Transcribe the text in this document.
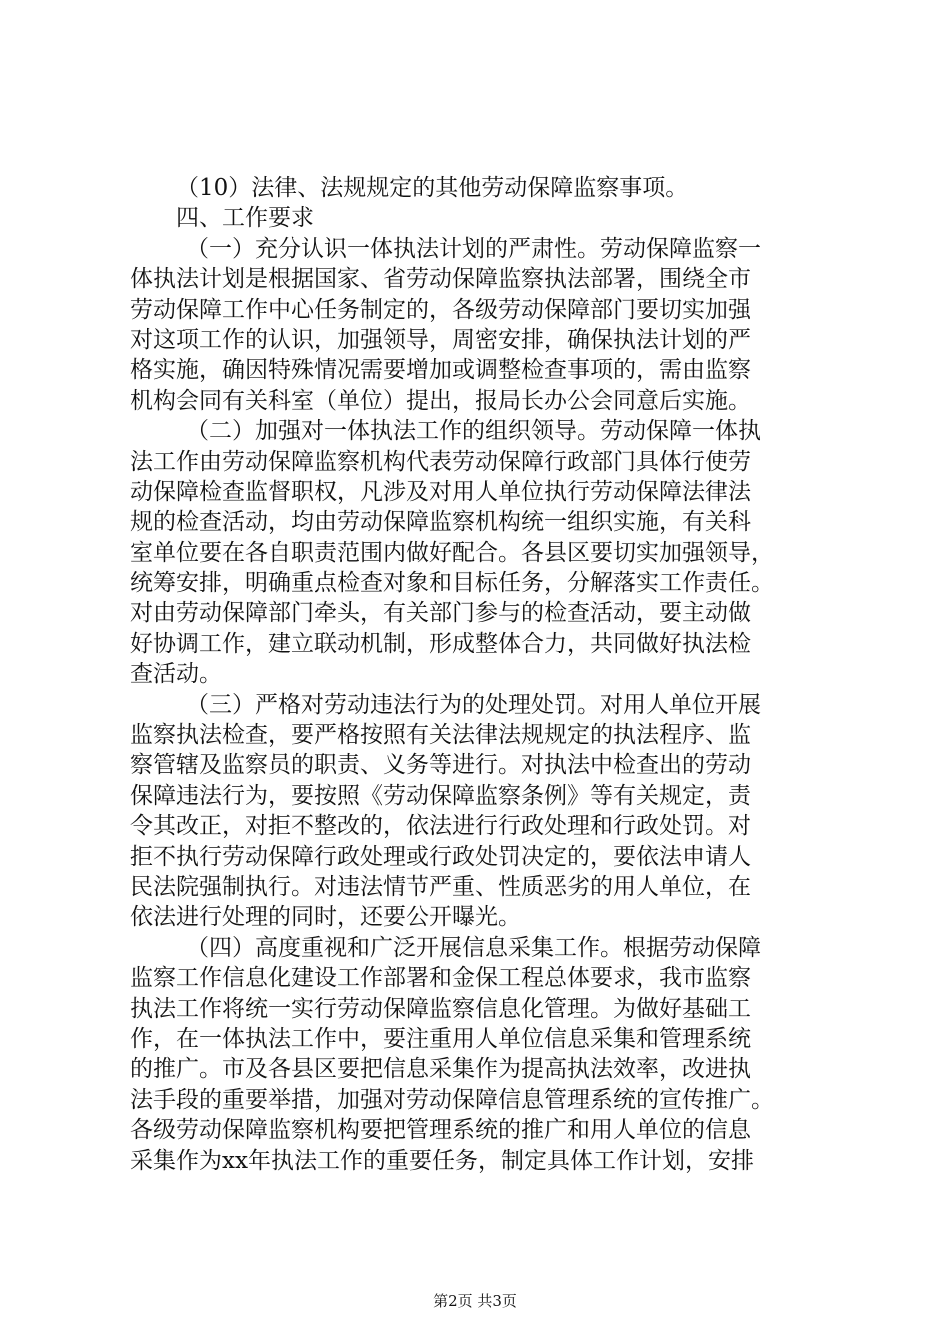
（10）法律、法规规定的其他劳动保障监察事项。
四、工作要求
（一）充分认识一体执法计划的严肃性。劳动保障监察一
体执法计划是根据国家、省劳动保障监察执法部署，围绕全市
劳动保障工作中心任务制定的，各级劳动保障部门要切实加强
对这项工作的认识，加强领导，周密安排，确保执法计划的严
格实施，确因特殊情况需要增加或调整检查事项的，需由监察
机构会同有关科室（单位）提出，报局长办公会同意后实施。
（二）加强对一体执法工作的组织领导。劳动保障一体执
法工作由劳动保障监察机构代表劳动保障行政部门具体行使劳
动保障检查监督职权，凡涉及对用人单位执行劳动保障法律法
规的检查活动，均由劳动保障监察机构统一组织实施，有关科
室单位要在各自职责范围内做好配合。各县区要切实加强领导，
统筹安排，明确重点检查对象和目标任务，分解落实工作责任。
对由劳动保障部门牵头，有关部门参与的检查活动，要主动做
好协调工作，建立联动机制，形成整体合力，共同做好执法检
查活动。
（三）严格对劳动违法行为的处理处罚。对用人单位开展
监察执法检查，要严格按照有关法律法规规定的执法程序、监
察管辖及监察员的职责、义务等进行。对执法中检查出的劳动
保障违法行为，要按照《劳动保障监察条例》等有关规定，责
令其改正，对拒不整改的，依法进行行政处理和行政处罚。对
拒不执行劳动保障行政处理或行政处罚决定的，要依法申请人
民法院强制执行。对违法情节严重、性质恶劣的用人单位，在
依法进行处理的同时，还要公开曝光。
（四）高度重视和广泛开展信息采集工作。根据劳动保障
监察工作信息化建设工作部署和金保工程总体要求，我市监察
执法工作将统一实行劳动保障监察信息化管理。为做好基础工
作，在一体执法工作中，要注重用人单位信息采集和管理系统
的推广。市及各县区要把信息采集作为提高执法效率，改进执
法手段的重要举措，加强对劳动保障信息管理系统的宣传推广。
各级劳动保障监察机构要把管理系统的推广和用人单位的信息
采集作为xx年执法工作的重要任务，制定具体工作计划，安排
第2页 共3页
